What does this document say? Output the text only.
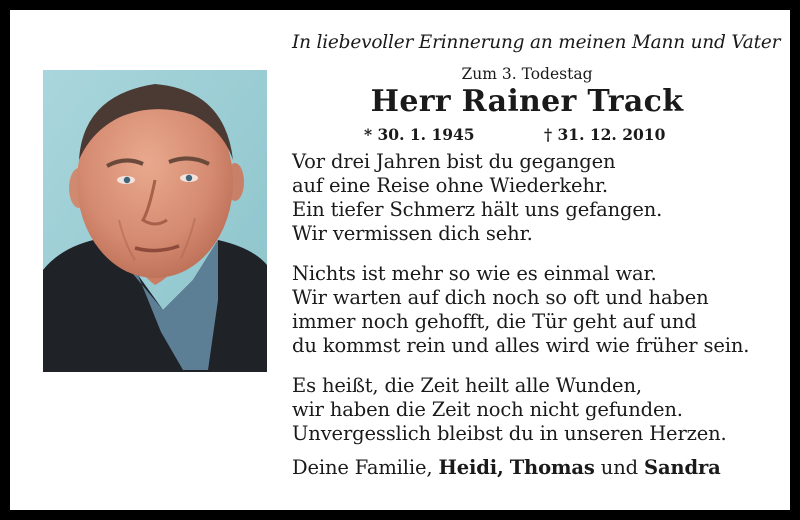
In liebevoller Erinnerung an meinen Mann und Vater
Zum 3. Todestag
Herr Rainer Track
* 30. 1. 1945	† 31. 12. 2010
Vor drei Jahren bist du gegangen
auf eine Reise ohne Wiederkehr.
Ein tiefer Schmerz hält uns gefangen.
Wir vermissen dich sehr.
Nichts ist mehr so wie es einmal war.
Wir warten auf dich noch so oft und haben
immer noch gehofft, die Tür geht auf und
du kommst rein und alles wird wie früher sein.
Es heißt, die Zeit heilt alle Wunden,
wir haben die Zeit noch nicht gefunden.
Unvergesslich bleibst du in unseren Herzen.
Deine Familie, Heidi, Thomas und Sandra
